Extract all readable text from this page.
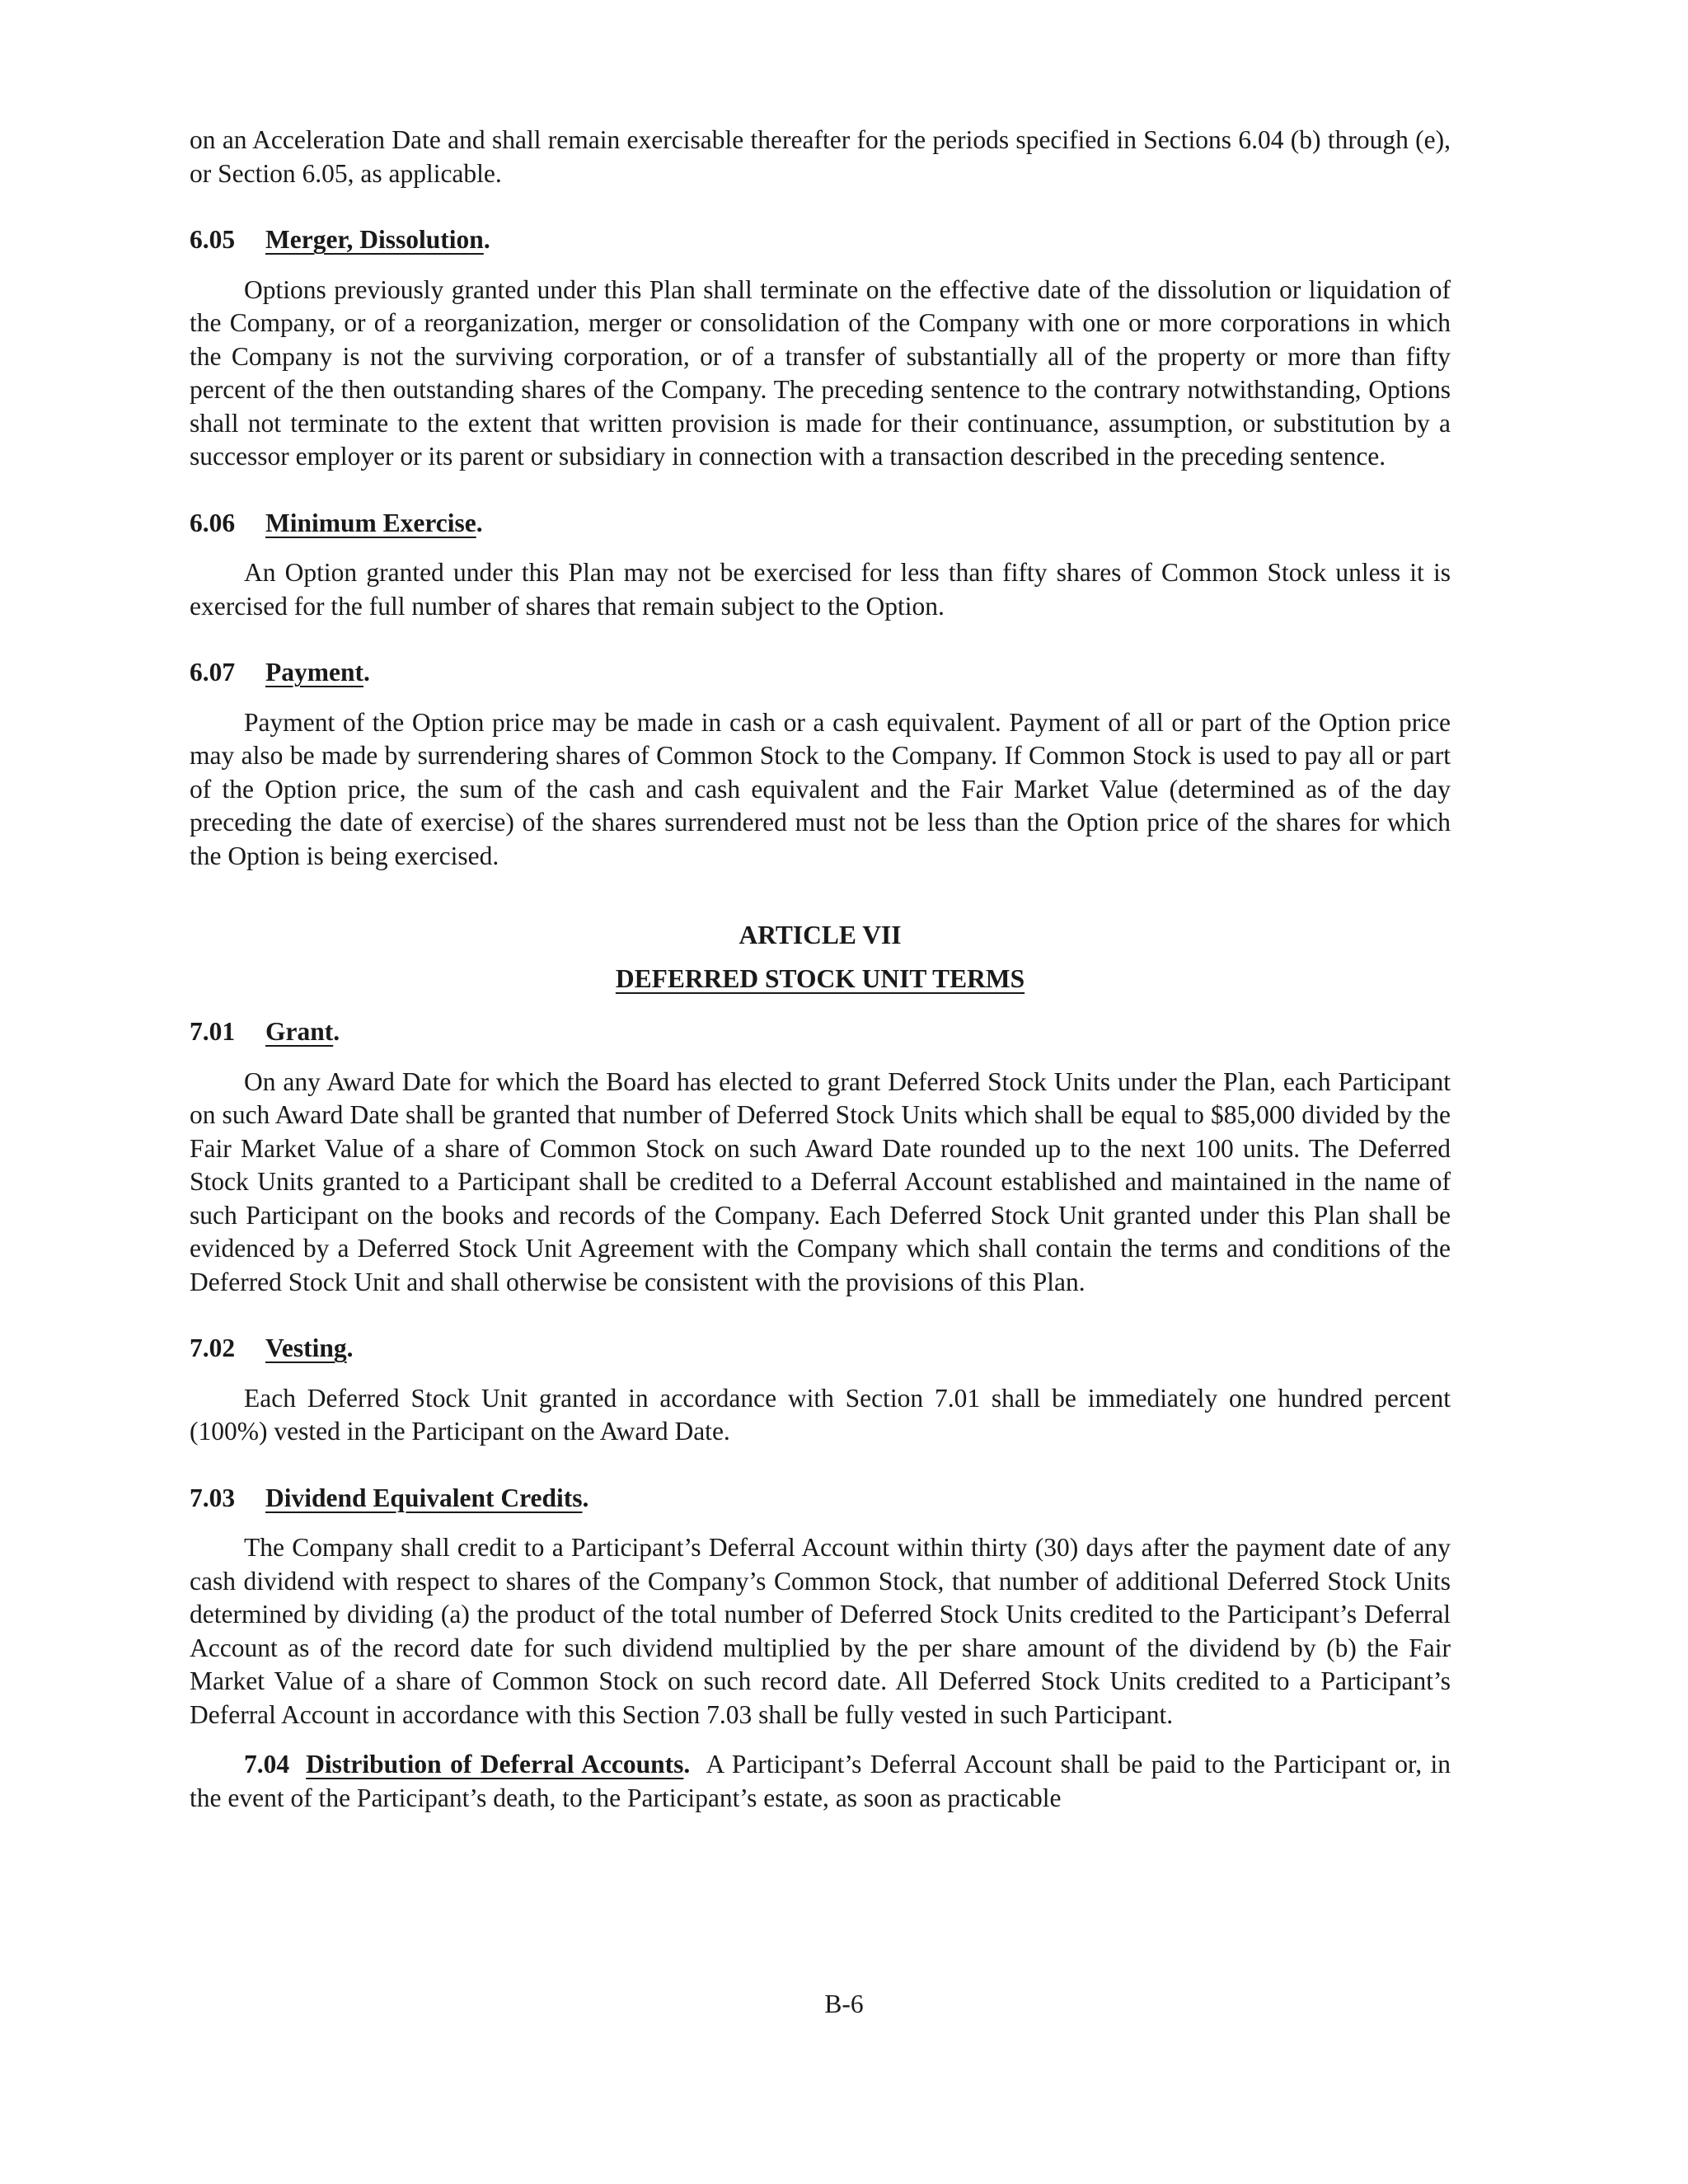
on an Acceleration Date and shall remain exercisable thereafter for the periods specified in Sections 6.04 (b) through (e), or Section 6.05, as applicable.

6.05 Merger, Dissolution.

Options previously granted under this Plan shall terminate on the effective date of the dissolution or liquidation of the Company, or of a reorganization, merger or consolidation of the Company with one or more corporations in which the Company is not the surviving corporation, or of a transfer of substantially all of the property or more than fifty percent of the then outstanding shares of the Company. The preceding sentence to the contrary notwithstanding, Options shall not terminate to the extent that written provision is made for their continuance, assumption, or substitution by a successor employer or its parent or subsidiary in connection with a transaction described in the preceding sentence.

6.06 Minimum Exercise.

An Option granted under this Plan may not be exercised for less than fifty shares of Common Stock unless it is exercised for the full number of shares that remain subject to the Option.

6.07 Payment.

Payment of the Option price may be made in cash or a cash equivalent. Payment of all or part of the Option price may also be made by surrendering shares of Common Stock to the Company. If Common Stock is used to pay all or part of the Option price, the sum of the cash and cash equivalent and the Fair Market Value (determined as of the day preceding the date of exercise) of the shares surrendered must not be less than the Option price of the shares for which the Option is being exercised.

ARTICLE VII
DEFERRED STOCK UNIT TERMS
7.01 Grant.

On any Award Date for which the Board has elected to grant Deferred Stock Units under the Plan, each Participant on such Award Date shall be granted that number of Deferred Stock Units which shall be equal to $85,000 divided by the Fair Market Value of a share of Common Stock on such Award Date rounded up to the next 100 units. The Deferred Stock Units granted to a Participant shall be credited to a Deferral Account established and maintained in the name of such Participant on the books and records of the Company. Each Deferred Stock Unit granted under this Plan shall be evidenced by a Deferred Stock Unit Agreement with the Company which shall contain the terms and conditions of the Deferred Stock Unit and shall otherwise be consistent with the provisions of this Plan.

7.02 Vesting.

Each Deferred Stock Unit granted in accordance with Section 7.01 shall be immediately one hundred percent (100%) vested in the Participant on the Award Date.

7.03 Dividend Equivalent Credits.

The Company shall credit to a Participant’s Deferral Account within thirty (30) days after the payment date of any cash dividend with respect to shares of the Company’s Common Stock, that number of additional Deferred Stock Units determined by dividing (a) the product of the total number of Deferred Stock Units credited to the Participant’s Deferral Account as of the record date for such dividend multiplied by the per share amount of the dividend by (b) the Fair Market Value of a share of Common Stock on such record date. All Deferred Stock Units credited to a Participant’s Deferral Account in accordance with this Section 7.03 shall be fully vested in such Participant.

7.04 Distribution of Deferral Accounts. A Participant’s Deferral Account shall be paid to the Participant or, in the event of the Participant’s death, to the Participant’s estate, as soon as practicable

B-6
